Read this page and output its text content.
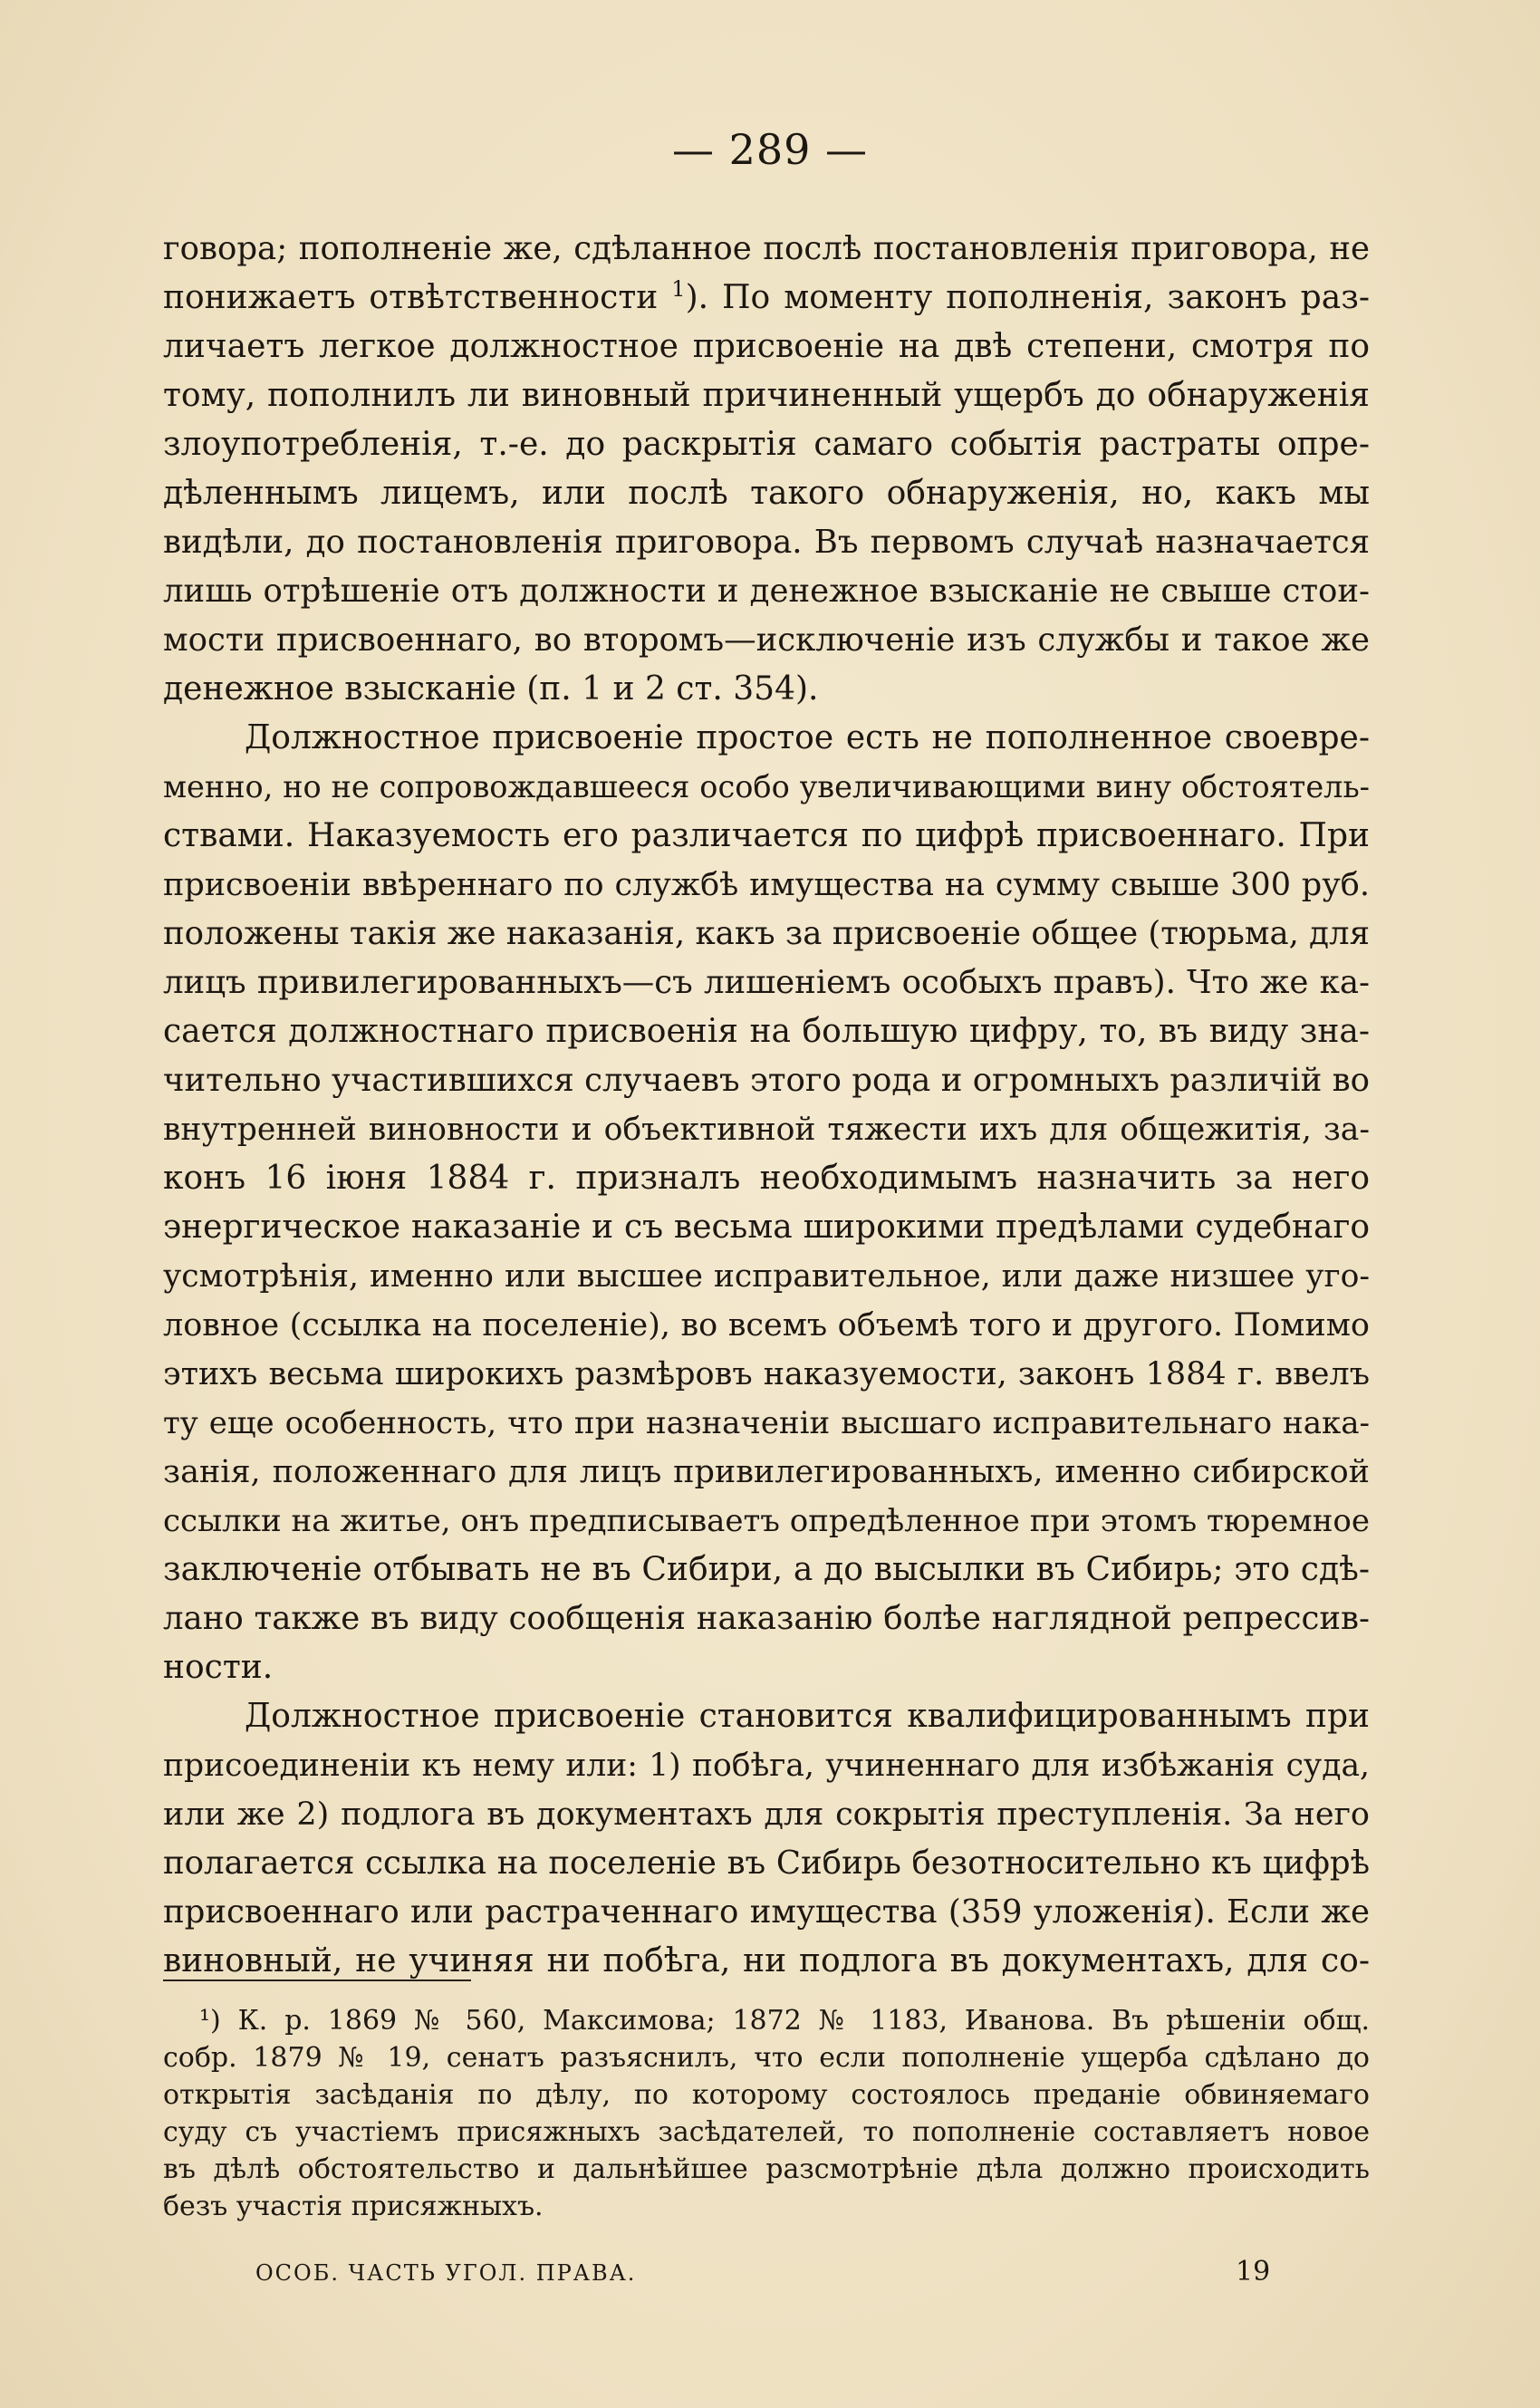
— 289 —
говора; пополненіе же, сдѣланное послѣ постановленія приговора, не
понижаетъ отвѣтственности $^1$). По моменту пополненія, законъ раз-
личаетъ легкое должностное присвоеніе на двѣ степени, смотря по
тому, пополнилъ ли виновный причиненный ущербъ до обнаруженія
злоупотребленія, т.-е. до раскрытія самаго событія растраты опре-
дѣленнымъ лицемъ, или послѣ такого обнаруженія, но, какъ мы
видѣли, до постановленія приговора. Въ первомъ случаѣ назначается
лишь отрѣшеніе отъ должности и денежное взысканіе не свыше стои-
мости присвоеннаго, во второмъ—исключеніе изъ службы и такое же
денежное взысканіе (п. 1 и 2 ст. 354).
Должностное присвоеніе простое есть не пополненное своевре-
менно, но не сопровождавшееся особо увеличивающими вину обстоятель-
ствами. Наказуемость его различается по цифрѣ присвоеннаго. При
присвоеніи ввѣреннаго по службѣ имущества на сумму свыше 300 руб.
положены такія же наказанія, какъ за присвоеніе общее (тюрьма, для
лицъ привилегированныхъ—съ лишеніемъ особыхъ правъ). Что же ка-
сается должностнаго присвоенія на большую цифру, то, въ виду зна-
чительно участившихся случаевъ этого рода и огромныхъ различій во
внутренней виновности и объективной тяжести ихъ для общежитія, за-
конъ 16 іюня 1884 г. призналъ необходимымъ назначить за него
энергическое наказаніе и съ весьма широкими предѣлами судебнаго
усмотрѣнія, именно или высшее исправительное, или даже низшее уго-
ловное (ссылка на поселеніе), во всемъ объемѣ того и другого. Помимо
этихъ весьма широкихъ размѣровъ наказуемости, законъ 1884 г. ввелъ
ту еще особенность, что при назначеніи высшаго исправительнаго нака-
занія, положеннаго для лицъ привилегированныхъ, именно сибирской
ссылки на житье, онъ предписываетъ опредѣленное при этомъ тюремное
заключеніе отбывать не въ Сибири, а до высылки въ Сибирь; это сдѣ-
лано также въ виду сообщенія наказанію болѣе наглядной репрессив-
ности.
Должностное присвоеніе становится квалифицированнымъ при
присоединеніи къ нему или: 1) побѣга, учиненнаго для избѣжанія суда,
или же 2) подлога въ документахъ для сокрытія преступленія. За него
полагается ссылка на поселеніе въ Сибирь безотносительно къ цифрѣ
присвоеннаго или растраченнаго имущества (359 уложенія). Если же
виновный, не учиняя ни побѣга, ни подлога въ документахъ, для со-
¹) К. р. 1869 № 560, Максимова; 1872 № 1183, Иванова. Въ рѣшеніи общ.
собр. 1879 № 19, сенатъ разъяснилъ, что если пополненіе ущерба сдѣлано до
открытія засѣданія по дѣлу, по которому состоялось преданіе обвиняемаго
суду съ участіемъ присяжныхъ засѣдателей, то пополненіе составляетъ новое
въ дѣлѣ обстоятельство и дальнѣйшее разсмотрѣніе дѣла должно происходить
безъ участія присяжныхъ.
ОСОБ. ЧАСТЬ УГОЛ. ПРАВА.	19
